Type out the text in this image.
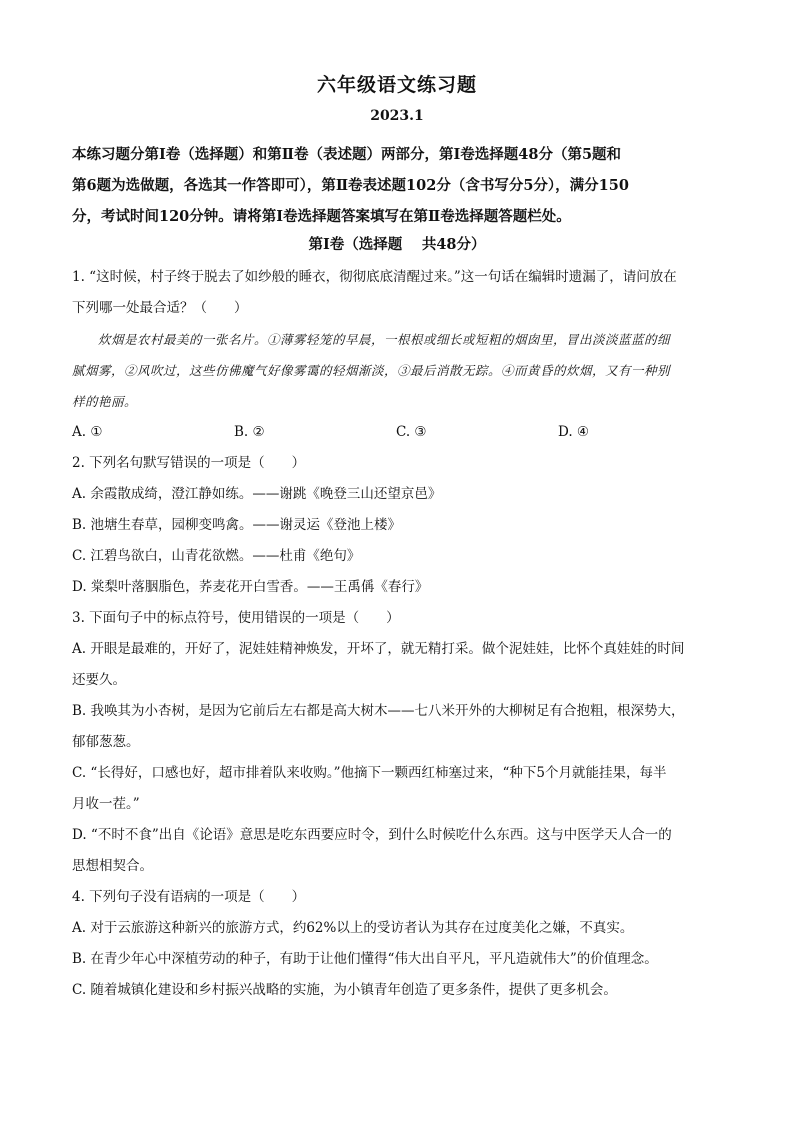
六年级语文练习题
2023.1
本练习题分第Ⅰ卷（选择题）和第Ⅱ卷（表述题）两部分，第Ⅰ卷选择题48分（第5题和
第6题为选做题，各选其一作答即可），第Ⅱ卷表述题102分（含书写分5分），满分150
分，考试时间120分钟。请将第Ⅰ卷选择题答案填写在第Ⅱ卷选择题答题栏处。
第Ⅰ卷（选择题　 共48分）
1. “这时候，村子终于脱去了如纱般的睡衣，彻彻底底清醒过来。”这一句话在编辑时遗漏了，请问放在
下列哪一处最合适？（　　）
炊烟是农村最美的一张名片。①薄雾轻笼的早晨，一根根或细长或短粗的烟囱里，冒出淡淡蓝蓝的细
腻烟雾，②风吹过，这些仿佛魔气好像雾霭的轻烟渐淡，③最后消散无踪。④而黄昏的炊烟，又有一种别
样的艳丽。
A. ①	B. ②	C. ③	D. ④
2. 下列名句默写错误的一项是（　　）
A. 余霞散成绮，澄江静如练。——谢跳《晚登三山还望京邑》
B. 池塘生春草，园柳变鸣禽。——谢灵运《登池上楼》
C. 江碧鸟欲白，山青花欲燃。——杜甫《绝句》
D. 棠梨叶落胭脂色，荞麦花开白雪香。——王禹偁《春行》
3. 下面句子中的标点符号，使用错误的一项是（　　）
A. 开眼是最难的，开好了，泥娃娃精神焕发，开坏了，就无精打采。做个泥娃娃，比怀个真娃娃的时间
还要久。
B. 我唤其为小杏树，是因为它前后左右都是高大树木——七八米开外的大柳树足有合抱粗，根深势大，
郁郁葱葱。
C. “长得好，口感也好，超市排着队来收购。”他摘下一颗西红柿塞过来，“种下5个月就能挂果，每半
月收一茬。”
D. “不时不食”出自《论语》意思是吃东西要应时令，到什么时候吃什么东西。这与中医学天人合一的
思想相契合。
4. 下列句子没有语病的一项是（　　）
A. 对于云旅游这种新兴的旅游方式，约62%以上的受访者认为其存在过度美化之嫌，不真实。
B. 在青少年心中深植劳动的种子，有助于让他们懂得“伟大出自平凡，平凡造就伟大”的价值理念。
C. 随着城镇化建设和乡村振兴战略的实施，为小镇青年创造了更多条件，提供了更多机会。
